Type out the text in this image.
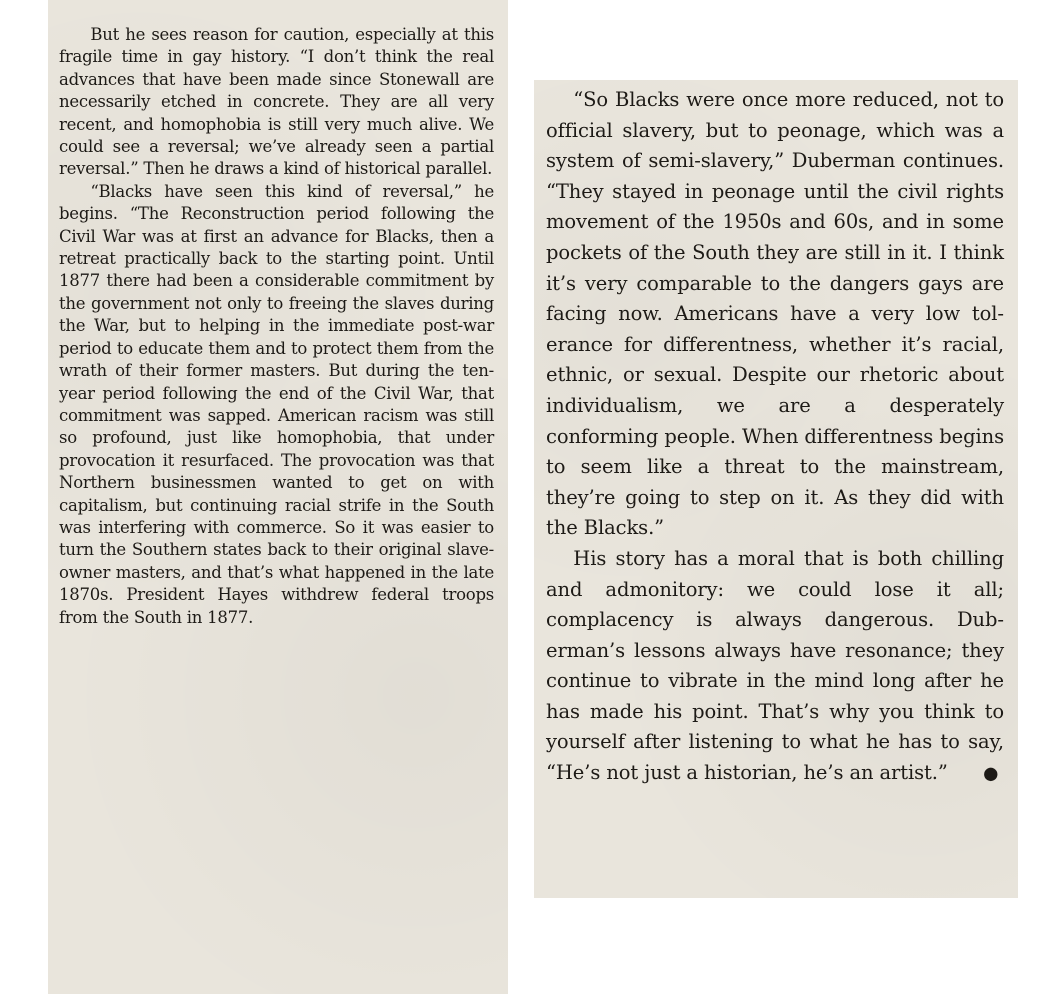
But he sees reason for caution, especially at this fragile time in gay history. “I don’t think the real advances that have been made since Stonewall are necessarily etched in concrete. They are all very recent, and homophobia is still very much alive. We could see a reversal; we’ve already seen a partial reversal.” Then he draws a kind of historical parallel.

“Blacks have seen this kind of reversal,” he begins. “The Reconstruction period following the Civil War was at first an advance for Blacks, then a retreat practically back to the starting point. Until 1877 there had been a considerable commitment by the government not only to freeing the slaves during the War, but to helping in the immediate post-war period to educate them and to protect them from the wrath of their former masters. But during the ten-year period following the end of the Civil War, that commitment was sapped. American racism was still so profound, just like homophobia, that under provocation it resurfaced. The provocation was that Northern businessmen wanted to get on with capitalism, but continuing racial strife in the South was interfering with commerce. So it was easier to turn the Southern states back to their original slave-owner masters, and that’s what happened in the late 1870s. President Hayes withdrew federal troops from the South in 1877.

“So Blacks were once more reduced, not to official slavery, but to peonage, which was a system of semi-slavery,” Duberman continues. “They stayed in peonage until the civil rights movement of the 1950s and 60s, and in some pockets of the South they are still in it. I think it’s very comparable to the dangers gays are facing now. Americans have a very low tolerance for differentness, whether it’s racial, ethnic, or sexual. Despite our rhetoric about individualism, we are a desperately conforming people. When differentness begins to seem like a threat to the mainstream, they’re going to step on it. As they did with the Blacks.”

His story has a moral that is both chilling and admonitory: we could lose it all; complacency is always dangerous. Duberman’s lessons always have resonance; they continue to vibrate in the mind long after he has made his point. That’s why you think to yourself after listening to what he has to say, “He’s not just a historian, he’s an artist.” ●
